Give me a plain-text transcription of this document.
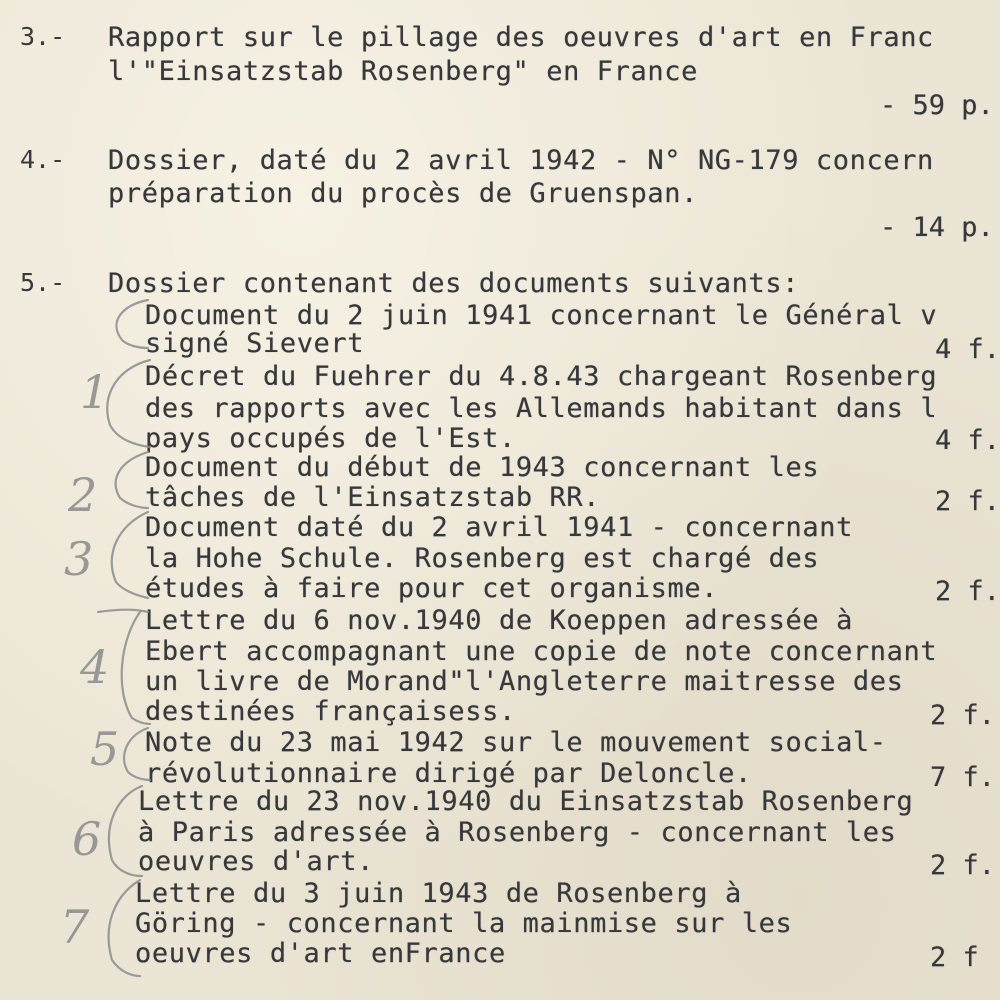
3.- Rapport sur le pillage des oeuvres d'art en Franc
l'"Einsatzstab Rosenberg" en France
- 59 p.
4.- Dossier, daté du 2 avril 1942 - N° NG-179 concern
préparation du procès de Gruenspan.
- 14 p.
5.- Dossier contenant des documents suivants:
Document du 2 juin 1941 concernant le Général v
signé Sievert	4 f.
Décret du Fuehrer du 4.8.43 chargeant Rosenberg
des rapports avec les Allemands habitant dans l
pays occupés de l'Est.	4 f.
Document du début de 1943 concernant les
tâches de l'Einsatzstab RR.	2 f.
Document daté du 2 avril 1941 - concernant
la Hohe Schule. Rosenberg est chargé des
études à faire pour cet organisme.	2 f.
Lettre du 6 nov.1940 de Koeppen adressée à
Ebert accompagnant une copie de note concernant
un livre de Morand"l'Angleterre maitresse des
destinées françaisess.	2 f.
Note du 23 mai 1942 sur le mouvement social-
révolutionnaire dirigé par Deloncle.	7 f.
Lettre du 23 nov.1940 du Einsatzstab Rosenberg
à Paris adressée à Rosenberg - concernant les
oeuvres d'art.	2 f.
Lettre du 3 juin 1943 de Rosenberg à
Göring - concernant la mainmise sur les
oeuvres d'art enFrance	2 f
1
2
3
4
5
6
7
